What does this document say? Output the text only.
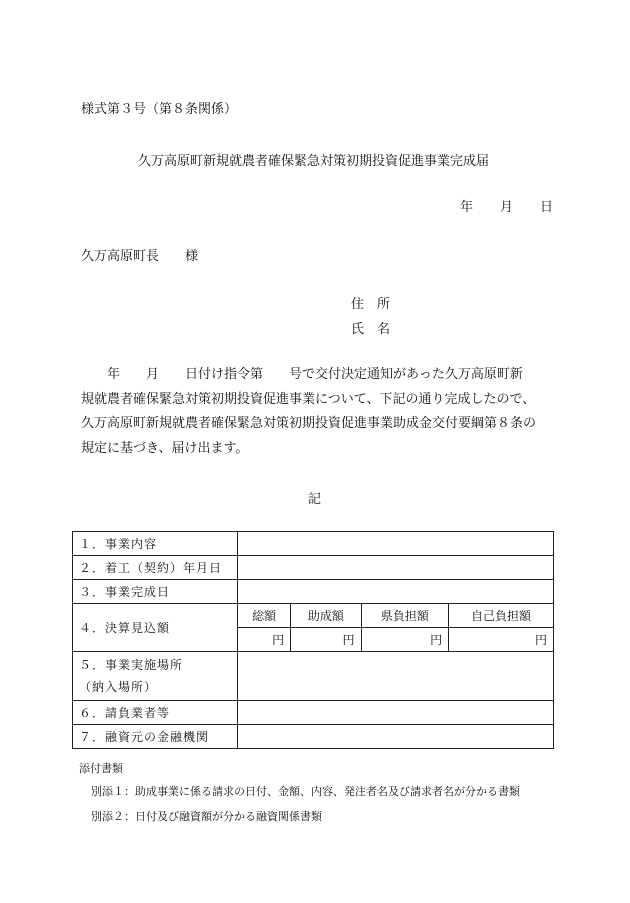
様式第３号（第８条関係）
久万高原町新規就農者確保緊急対策初期投資促進事業完成届
年 月 日
久万高原町長　　様
住　所
氏　名
　　年　　月　　日付け指令第　　号で交付決定通知があった久万高原町新
規就農者確保緊急対策初期投資促進事業について、下記の通り完成したので、
久万高原町新規就農者確保緊急対策初期投資促進事業助成金交付要綱第８条の
規定に基づき、届け出ます。
記
１．事業内容				
２．着工（契約）年月日				
３．事業完成日				
４．決算見込額	総額	助成額	県負担額	自己負担額
	円	円	円	円

５．事業実施場所
（納入場所）				

６．請負業者等				
７．融資元の金融機関				
添付書類
別添１：助成事業に係る請求の日付、金額、内容、発注者名及び請求者名が分かる書類
別添２：日付及び融資額が分かる融資関係書類
